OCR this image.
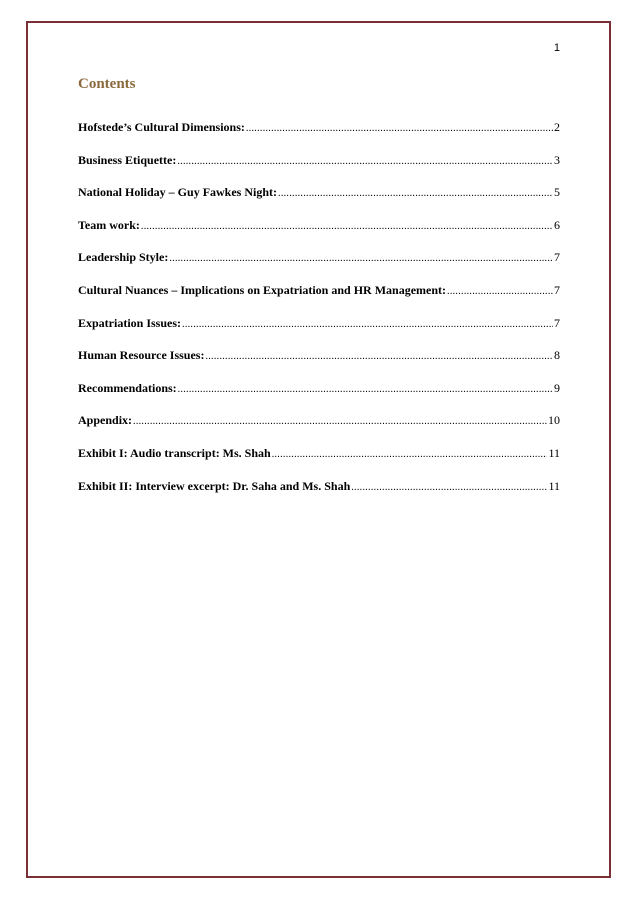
1
Contents
Hofstede’s Cultural Dimensions: .....	2
Business Etiquette: .....	3
National Holiday – Guy Fawkes Night: .....	5
Team work: .....	6
Leadership Style: .....	7
Cultural Nuances – Implications on Expatriation and HR Management: .....	7
Expatriation Issues: .....	7
Human Resource Issues: .....	8
Recommendations: .....	9
Appendix: .....	10
Exhibit I: Audio transcript: Ms. Shah .....	11
Exhibit II: Interview excerpt: Dr. Saha and Ms. Shah .....	11
